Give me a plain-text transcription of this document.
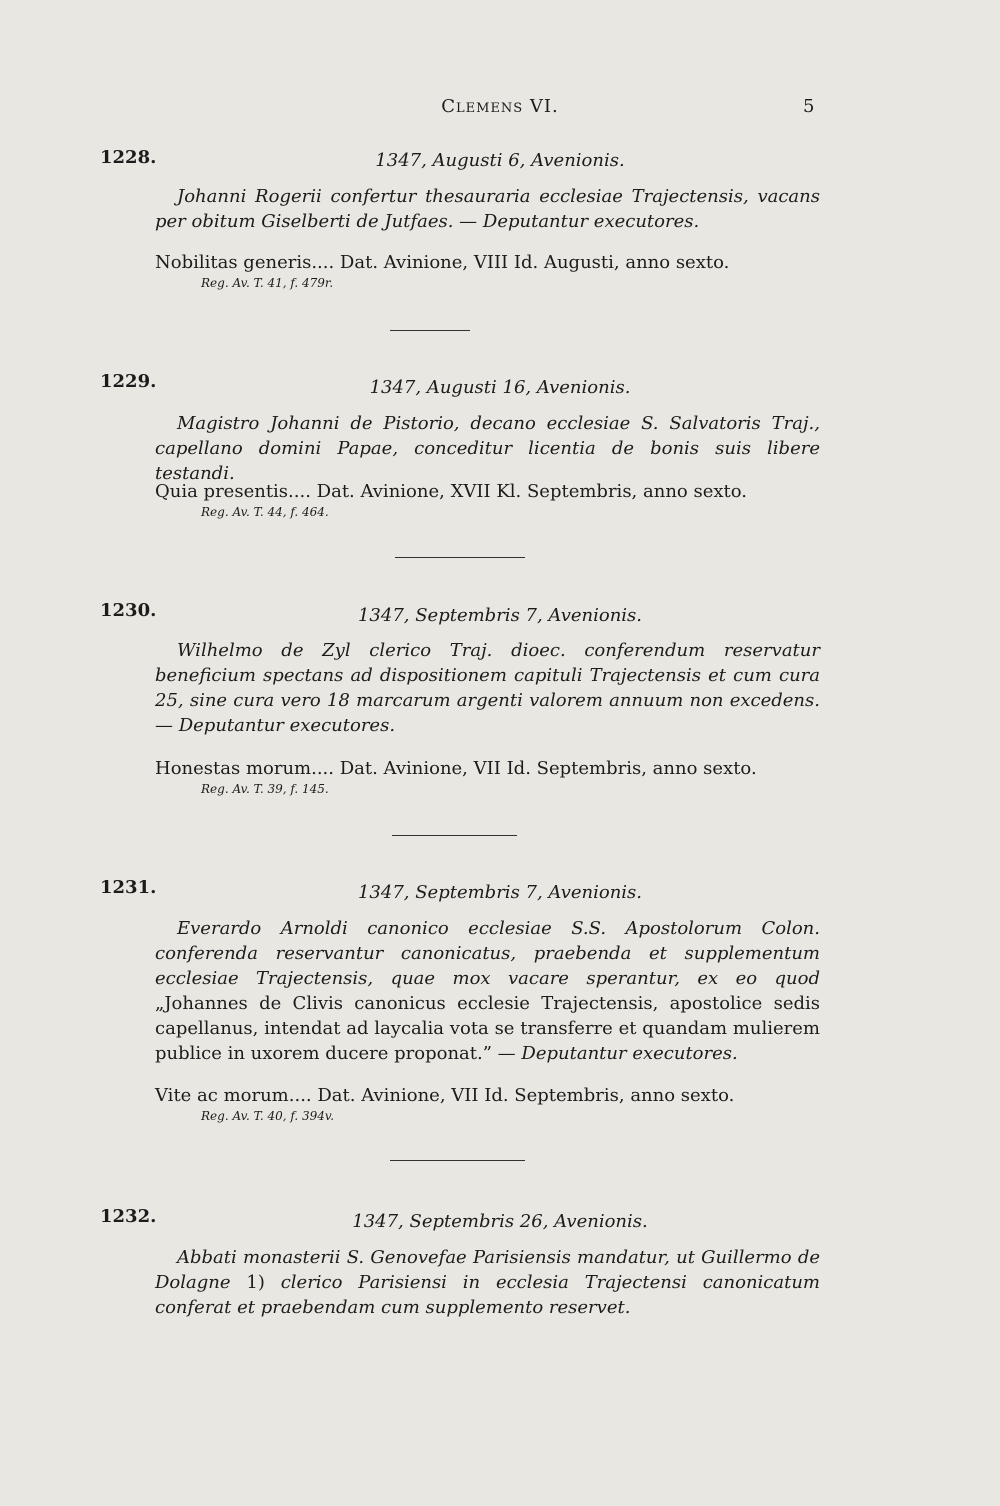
Clemens VI.	5
1228.	1347, Augusti 6, Avenionis.
Johanni Rogerii confertur thesauraria ecclesiae Trajectensis, vacans per obitum Giselberti de Jutfaes. — Deputantur executores.
Nobilitas generis.... Dat. Avinione, VIII Id. Augusti, anno sexto.
Reg. Av. T. 41, f. 479r.
1229.	1347, Augusti 16, Avenionis.
Magistro Johanni de Pistorio, decano ecclesiae S. Salvatoris Traj., capellano domini Papae, conceditur licentia de bonis suis libere testandi.
Quia presentis.... Dat. Avinione, XVII Kl. Septembris, anno sexto.
Reg. Av. T. 44, f. 464.
1230.	1347, Septembris 7, Avenionis.
Wilhelmo de Zyl clerico Traj. dioec. conferendum reservatur beneficium spectans ad dispositionem capituli Trajectensis et cum cura 25, sine cura vero 18 marcarum argenti valorem annuum non excedens. — Deputantur executores.
Honestas morum.... Dat. Avinione, VII Id. Septembris, anno sexto.
Reg. Av. T. 39, f. 145.
1231.	1347, Septembris 7, Avenionis.
Everardo Arnoldi canonico ecclesiae S.S. Apostolorum Colon. conferenda reservantur canonicatus, praebenda et supplementum ecclesiae Trajectensis, quae mox vacare sperantur, ex eo quod „Johannes de Clivis canonicus ecclesie Trajectensis, apostolice sedis capellanus, intendat ad laycalia vota se transferre et quandam mulierem publice in uxorem ducere proponat.” — Deputantur executores.
Vite ac morum.... Dat. Avinione, VII Id. Septembris, anno sexto.
Reg. Av. T. 40, f. 394v.
1232.	1347, Septembris 26, Avenionis.
Abbati monasterii S. Genovefae Parisiensis mandatur, ut Guillermo de Dolagne 1) clerico Parisiensi in ecclesia Trajectensi canonicatum conferat et praebendam cum supplemento reservet.
